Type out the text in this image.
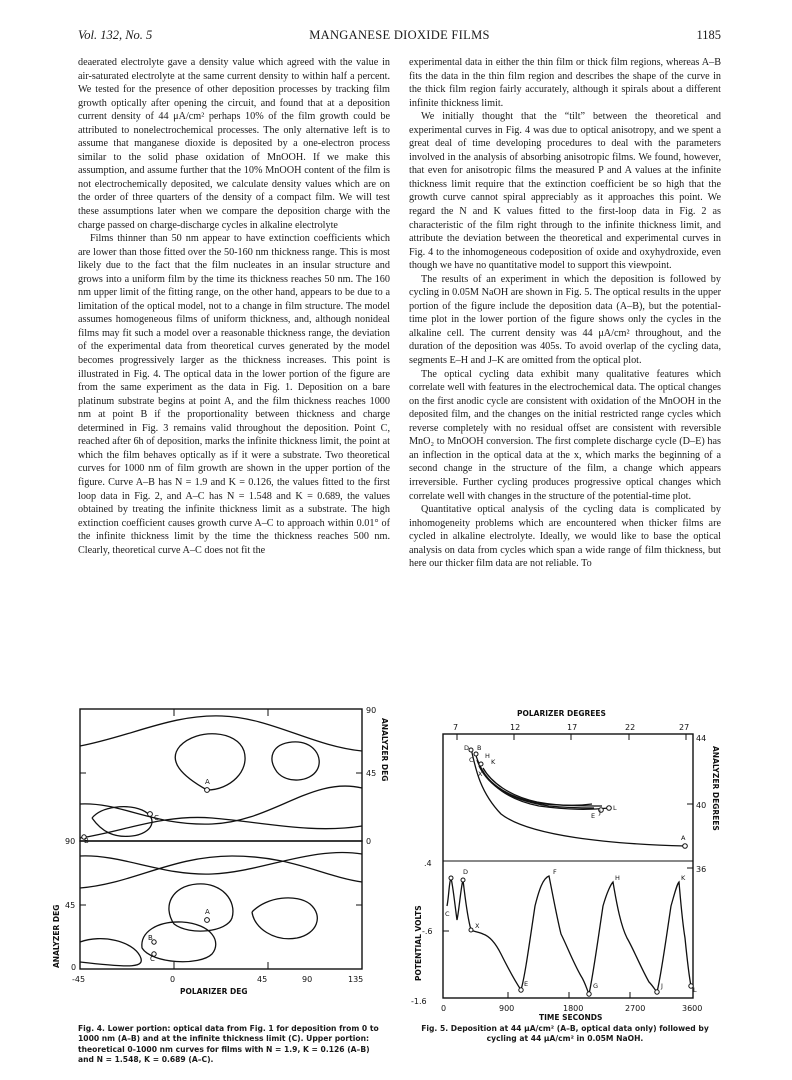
Vol. 132, No. 5	MANGANESE DIOXIDE FILMS	1185

deaerated electrolyte gave a density value which agreed with the value in air-saturated electrolyte at the same current density to within half a percent. We tested for the presence of other deposition processes by tracking film growth optically after opening the circuit, and found that at a deposition current density of 44 μA/cm² perhaps 10% of the film growth could be attributed to nonelectrochemical processes. The only alternative left is to assume that manganese dioxide is deposited by a one-electron process similar to the solid phase oxidation of MnOOH. If we make this assumption, and assume further that the 10% MnOOH content of the film is not electrochemically deposited, we calculate density values which are on the order of three quarters of the density of a compact film. We will test these assumptions later when we compare the deposition charge with the charge passed on charge-discharge cycles in alkaline electrolyte

Films thinner than 50 nm appear to have extinction coefficients which are lower than those fitted over the 50-160 nm thickness range. This is most likely due to the fact that the film nucleates in an insular structure and grows into a uniform film by the time its thickness reaches 50 nm. The 160 nm upper limit of the fitting range, on the other hand, appears to be due to a limitation of the optical model, not to a change in film structure. The model assumes homogeneous films of uniform thickness, and, although nonideal films may fit such a model over a reasonable thickness range, the deviation of the experimental data from theoretical curves generated by the model becomes progressively larger as the thickness increases. This point is illustrated in Fig. 4. The optical data in the lower portion of the figure are from the same experiment as the data in Fig. 1. Deposition on a bare platinum substrate begins at point A, and the film thickness reaches 1000 nm at point B if the proportionality between thickness and charge determined in Fig. 3 remains valid throughout the deposition. Point C, reached after 6h of deposition, marks the infinite thickness limit, the point at which the film behaves optically as if it were a substrate. Two theoretical curves for 1000 nm of film growth are shown in the upper portion of the figure. Curve A–B has N = 1.9 and K = 0.126, the values fitted to the first loop data in Fig. 2, and A–C has N = 1.548 and K = 0.689, the values obtained by treating the infinite thickness limit as a substrate. The high extinction coefficient causes growth curve A–C to approach within 0.01° of the infinite thickness limit by the time the thickness reaches 500 nm. Clearly, theoretical curve A–C does not fit the

experimental data in either the thin film or thick film regions, whereas A–B fits the data in the thin film region and describes the shape of the curve in the thick film region fairly accurately, although it spirals about a different infinite thickness limit.

We initially thought that the “tilt” between the theoretical and experimental curves in Fig. 4 was due to optical anisotropy, and we spent a great deal of time developing procedures to deal with the parameters involved in the analysis of absorbing anisotropic films. We found, however, that even for anisotropic films the measured P and A values at the infinite thickness limit require that the extinction coefficient be so high that the growth curve cannot spiral appreciably as it approaches this point. We regard the N and K values fitted to the first-loop data in Fig. 2 as characteristic of the film right through to the infinite thickness limit, and attribute the deviation between the theoretical and experimental curves in Fig. 4 to the inhomogeneous codeposition of oxide and oxyhydroxide, even though we have no quantitative model to support this viewpoint.

The results of an experiment in which the deposition is followed by cycling in 0.05M NaOH are shown in Fig. 5. The optical results in the upper portion of the figure include the deposition data (A–B), but the potential-time plot in the lower portion of the figure shows only the cycles in the alkaline cell. The current density was 44 μA/cm² throughout, and the duration of the deposition was 405s. To avoid overlap of the cycling data, segments E–H and J–K are omitted from the optical plot.

The optical cycling data exhibit many qualitative features which correlate well with features in the electrochemical data. The optical changes on the first anodic cycle are consistent with oxidation of the MnOOH in the deposited film, and the changes on the initial restricted range cycles which reverse completely with no residual offset are consistent with reversible MnO₂ to MnOOH conversion. The first complete discharge cycle (D–E) has an inflection in the optical data at the x, which marks the beginning of a second change in the structure of the film, a change which appears irreversible. Further cycling produces progressive optical changes which correlate well with changes in the structure of the potential-time plot.

Quantitative optical analysis of the cycling data is complicated by inhomogeneity problems which are encountered when thicker films are cycled in alkaline electrolyte. Ideally, we would like to base the optical analysis on data from cycles which span a wide range of film thickness, but here our thicker film data are not reliable. To

A
C
B
A
B
C
-45	0	45	90	135
0
45
90	0
45
90
POLARIZER DEG
ANALYZER DEG
ANALYZER DEG
Fig. 4. Lower portion: optical data from Fig. 1 for deposition from 0 to 1000 nm (A–B) and at the infinite thickness limit (C). Upper portion: theoretical 0-1000 nm curves for films with N = 1.9, K = 0.126 (A–B) and N = 1.548, K = 0.689 (A–C).
POLARIZER DEGREES
7	12	17	22	27
44
40
36
.4
-.6
-1.6
0	900	1800	2700	3600
D B
H
C	K
X
L
E J
A
D	F
H	K
C
X
E	G	J	L
POTENTIAL VOLTS
ANALYZER DEGREES
TIME SECONDS
Fig. 5. Deposition at 44 μA/cm² (A–B, optical data only) followed by cycling at 44 μA/cm² in 0.05M NaOH.
